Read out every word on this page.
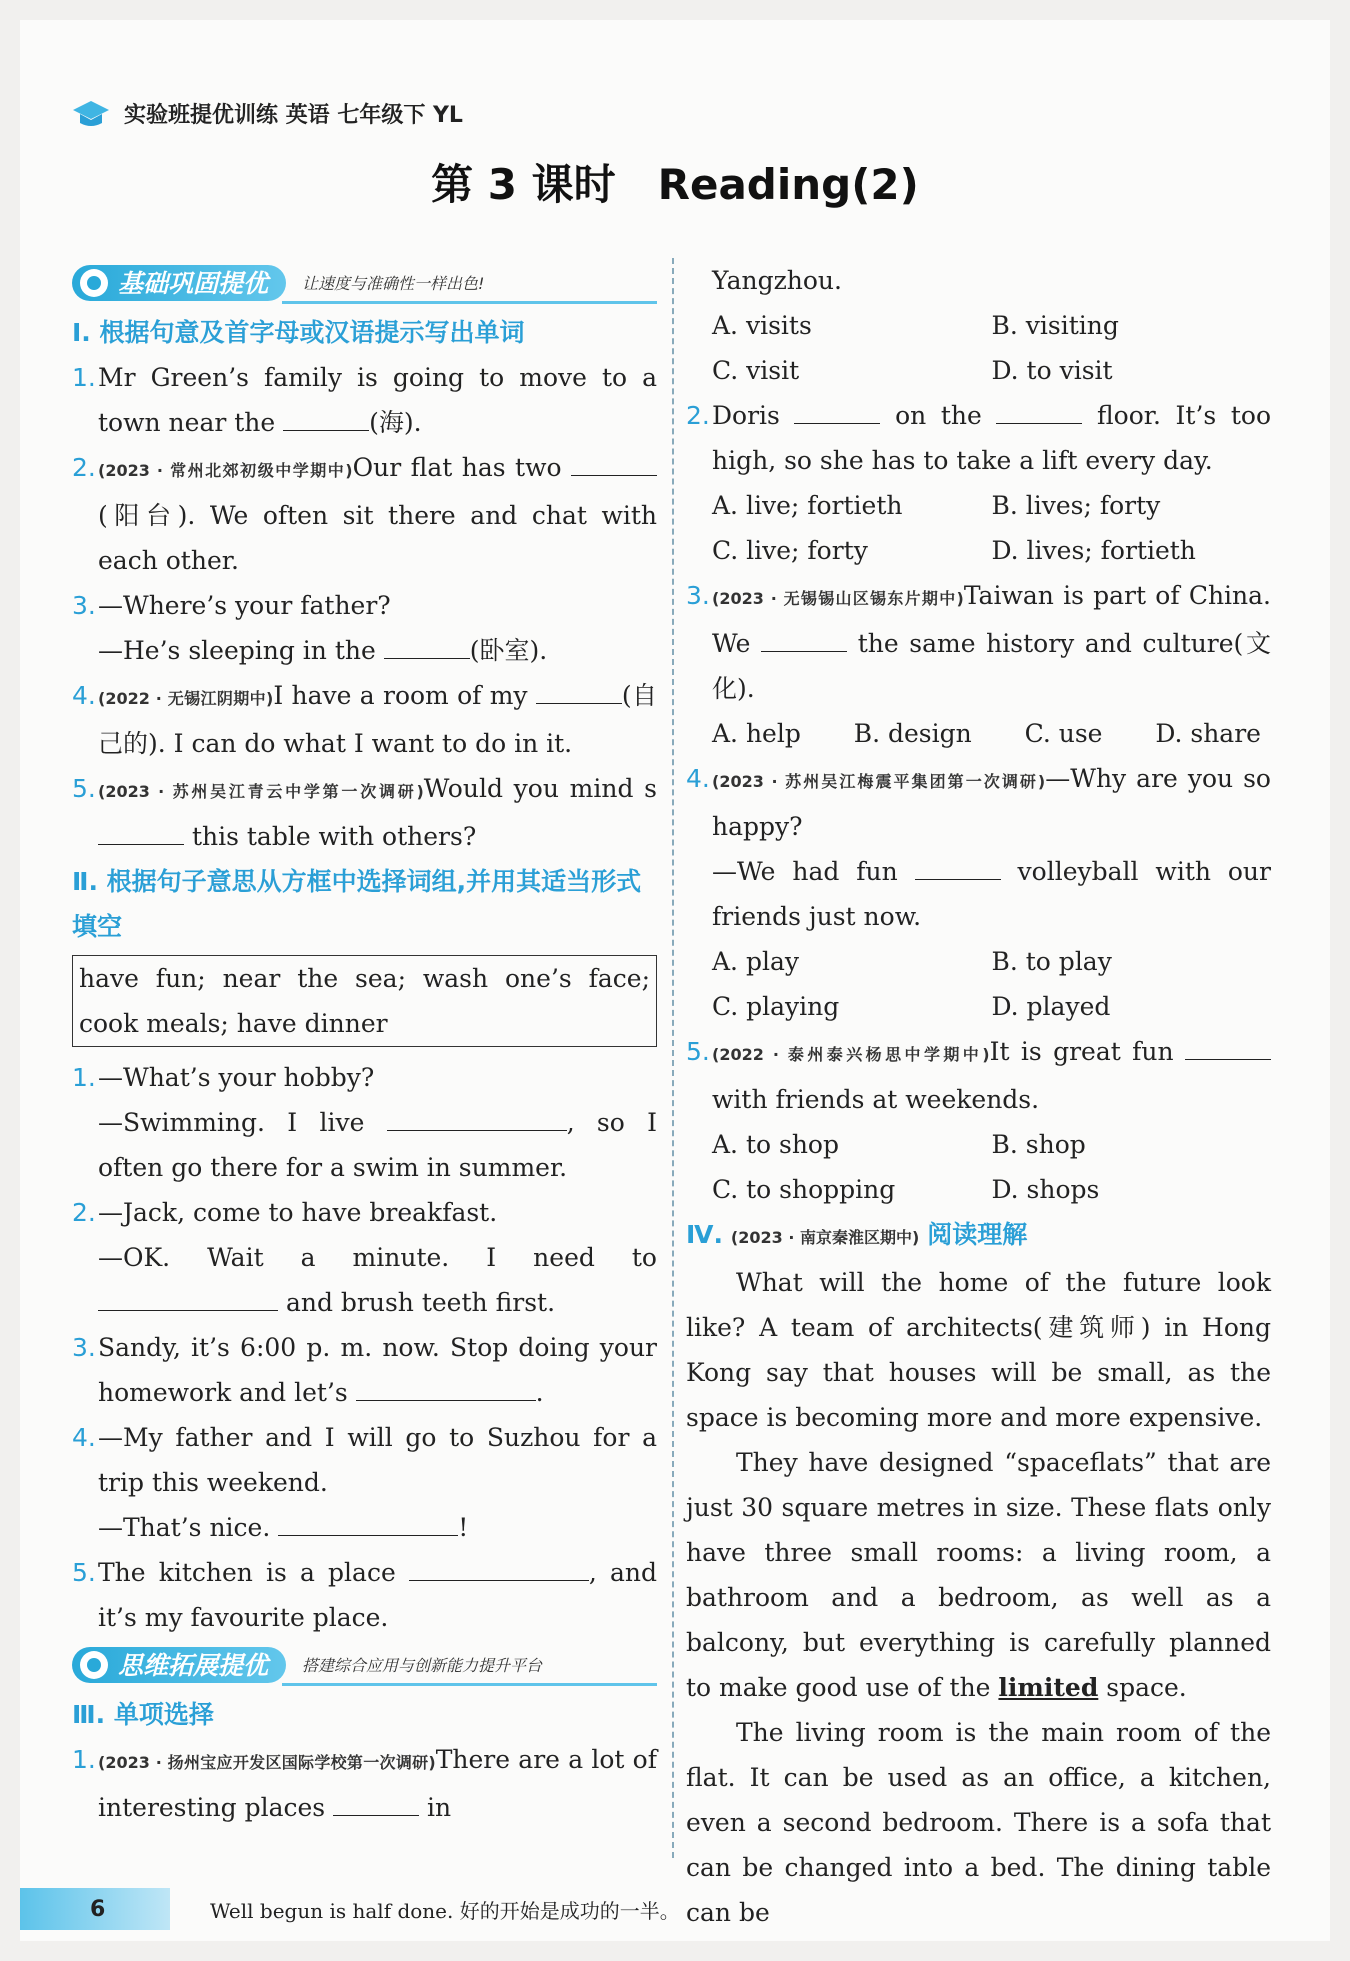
实验班提优训练 英语 七年级下 YL
第 3 课时　Reading(2)
基础巩固提优 让速度与准确性一样出色!
Ⅰ. 根据句意及首字母或汉语提示写出单词
1. Mr Green’s family is going to move to a town near the	(海).
2. (2023 · 常州北郊初级中学期中)Our flat has two (阳台). We often sit there and chat with each other.
3. —Where’s your father?
—He’s sleeping in the	(卧室).
4. (2022 · 无锡江阴期中)I have a room of my	(自己的). I can do what I want to do in it.
5. (2023 · 苏州吴江青云中学第一次调研)Would you mind s this table with others?
Ⅱ. 根据句子意思从方框中选择词组,并用其适当形式填空
have fun; near the sea; wash one’s face; cook meals; have dinner
1. —What’s your hobby?
—Swimming. I live	, so I often go there for a swim in summer.
2. —Jack, come to have breakfast.
—OK. Wait a minute. I need to  and brush teeth first.
3. Sandy, it’s 6:00 p. m. now. Stop doing your homework and let’s	.
4. —My father and I will go to Suzhou for a trip this weekend.
—That’s nice.	!
5. The kitchen is a place	, and it’s my favourite place.
思维拓展提优 搭建综合应用与创新能力提升平台
Ⅲ. 单项选择
1. (2023 · 扬州宝应开发区国际学校第一次调研)There are a lot of interesting places	in
Yangzhou.
A. visits	B. visiting
C. visit	D. to visit
2. Doris	on the	floor. It’s too high, so she has to take a lift every day.
A. live; fortieth	B. lives; forty
C. live; forty	D. lives; fortieth
3. (2023 · 无锡锡山区锡东片期中)Taiwan is part of China. We	the same history and culture(文化).
A. help B. design C. use D. share
4. (2023 · 苏州吴江梅震平集团第一次调研)—Why are you so happy?
—We had fun	volleyball with our friends just now.
A. play	B. to play
C. playing	D. played
5. (2022 · 泰州泰兴杨思中学期中)It is great fun  with friends at weekends.
A. to shop	B. shop
C. to shopping	D. shops
Ⅳ. (2023 · 南京秦淮区期中) 阅读理解
What will the home of the future look like? A team of architects(建筑师) in Hong Kong say that houses will be small, as the space is becoming more and more expensive.
They have designed “spaceflats” that are just 30 square metres in size. These flats only have three small rooms: a living room, a bathroom and a bedroom, as well as a balcony, but everything is carefully planned to make good use of the limited space.
The living room is the main room of the flat. It can be used as an office, a kitchen, even a second bedroom. There is a sofa that can be changed into a bed. The dining table can be
6	Well begun is half done. 好的开始是成功的一半。
